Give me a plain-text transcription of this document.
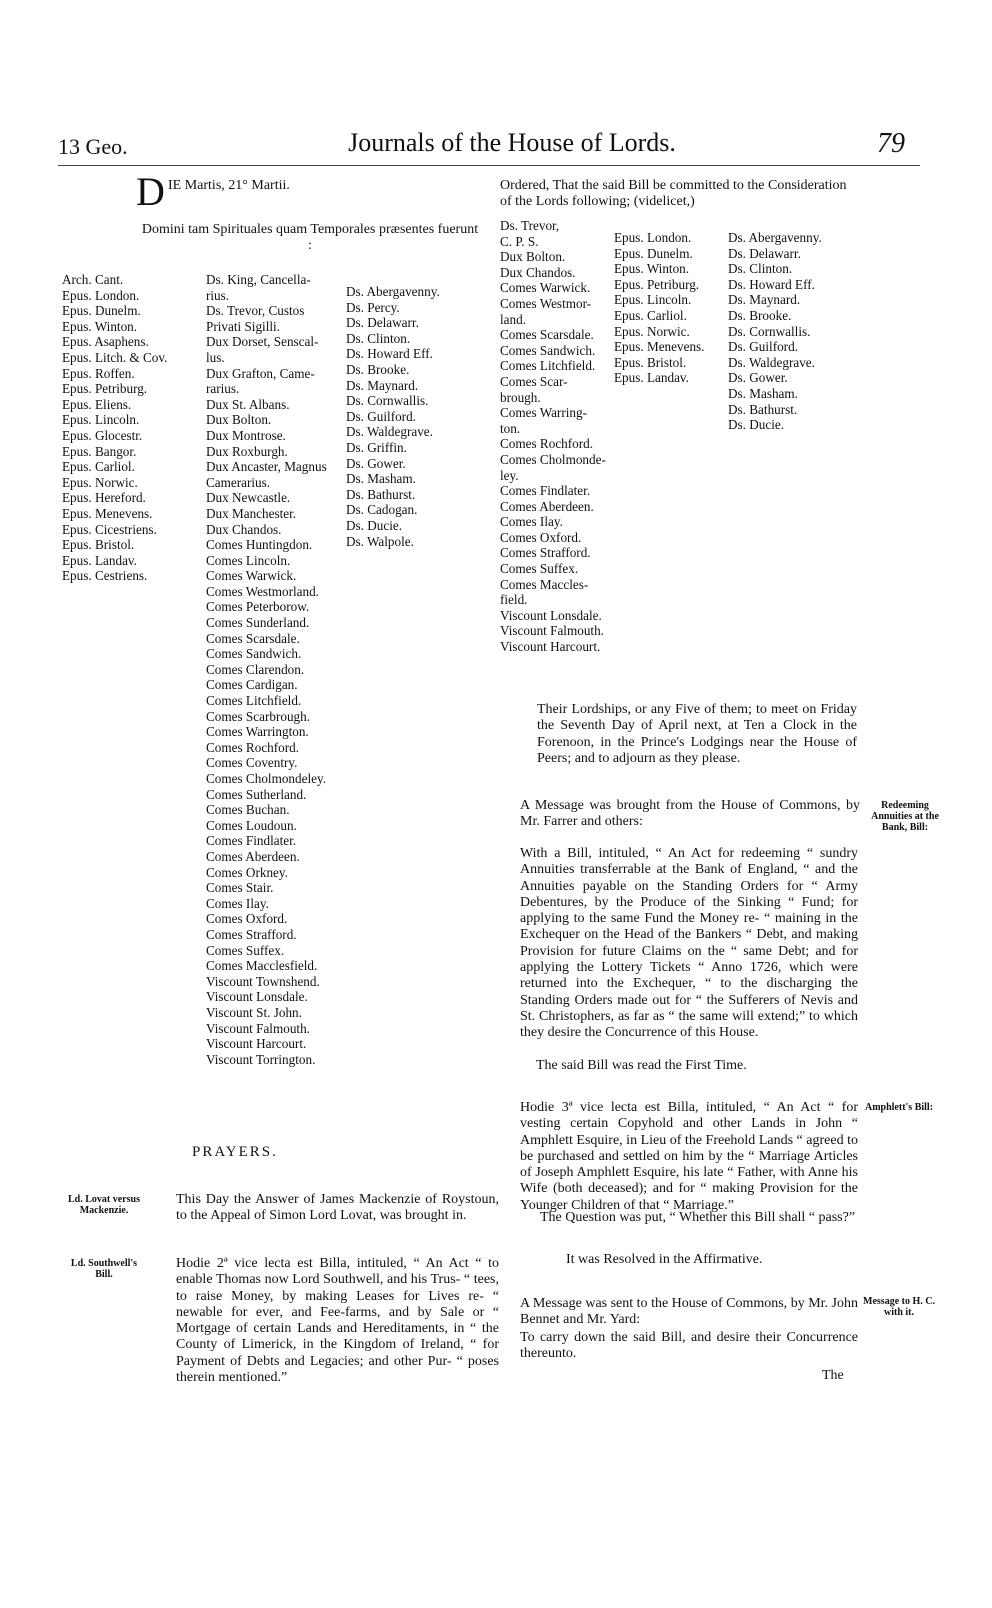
13 Geo.	Journals of the House of Lords.	79
D IE Martis, 21° Martii.
Domini tam Spirituales quam Temporales præsentes fuerunt :
Arch. Cant.
Epus. London.
Epus. Dunelm.
Epus. Winton.
Epus. Asaphens.
Epus. Litch. & Cov.
Epus. Roffen.
Epus. Petriburg.
Epus. Eliens.
Epus. Lincoln.
Epus. Glocestr.
Epus. Bangor.
Epus. Carliol.
Epus. Norwic.
Epus. Hereford.
Epus. Menevens.
Epus. Cicestriens.
Epus. Bristol.
Epus. Landav.
Epus. Cestriens.
Ds. King, Cancella-
rius.
Ds. Trevor, Custos
Privati Sigilli.
Dux Dorset, Senscal-
lus.
Dux Grafton, Came-
rarius.
Dux St. Albans.
Dux Bolton.
Dux Montrose.
Dux Roxburgh.
Dux Ancaster, Magnus
Camerarius.
Dux Newcastle.
Dux Manchester.
Dux Chandos.
Comes Huntingdon.
Comes Lincoln.
Comes Warwick.
Comes Westmorland.
Comes Peterborow.
Comes Sunderland.
Comes Scarsdale.
Comes Sandwich.
Comes Clarendon.
Comes Cardigan.
Comes Litchfield.
Comes Scarbrough.
Comes Warrington.
Comes Rochford.
Comes Coventry.
Comes Cholmondeley.
Comes Sutherland.
Comes Buchan.
Comes Loudoun.
Comes Findlater.
Comes Aberdeen.
Comes Orkney.
Comes Stair.
Comes Ilay.
Comes Oxford.
Comes Strafford.
Comes Suffex.
Comes Macclesfield.
Viscount Townshend.
Viscount Lonsdale.
Viscount St. John.
Viscount Falmouth.
Viscount Harcourt.
Viscount Torrington.
Ds. Abergavenny.
Ds. Percy.
Ds. Delawarr.
Ds. Clinton.
Ds. Howard Eff.
Ds. Brooke.
Ds. Maynard.
Ds. Cornwallis.
Ds. Guilford.
Ds. Waldegrave.
Ds. Griffin.
Ds. Gower.
Ds. Masham.
Ds. Bathurst.
Ds. Cadogan.
Ds. Ducie.
Ds. Walpole.
PRAYERS.
Ld. Lovat versus Mackenzie.
This Day the Answer of James Mackenzie of Roystoun, to the Appeal of Simon Lord Lovat, was brought in.
Ld. Southwell's Bill.
Hodie 2ª vice lecta est Billa, intituled, “ An Act “ to enable Thomas now Lord Southwell, and his Trus- “ tees, to raise Money, by making Leases for Lives re- “ newable for ever, and Fee-farms, and by Sale or “ Mortgage of certain Lands and Hereditaments, in “ the County of Limerick, in the Kingdom of Ireland, “ for Payment of Debts and Legacies; and other Pur- “ poses therein mentioned.”
Ordered, That the said Bill be committed to the Consideration of the Lords following; (videlicet,)
Ds. Trevor,
C. P. S.
Dux Bolton.
Dux Chandos.
Comes Warwick.
Comes Westmor-
land.
Comes Scarsdale.
Comes Sandwich.
Comes Litchfield.
Comes Scar-
brough.
Comes Warring-
ton.
Comes Rochford.
Comes Cholmonde-
ley.
Comes Findlater.
Comes Aberdeen.
Comes Ilay.
Comes Oxford.
Comes Strafford.
Comes Suffex.
Comes Maccles-
field.
Viscount Lonsdale.
Viscount Falmouth.
Viscount Harcourt.
Epus. London.
Epus. Dunelm.
Epus. Winton.
Epus. Petriburg.
Epus. Lincoln.
Epus. Carliol.
Epus. Norwic.
Epus. Menevens.
Epus. Bristol.
Epus. Landav.
Ds. Abergavenny.
Ds. Delawarr.
Ds. Clinton.
Ds. Howard Eff.
Ds. Maynard.
Ds. Brooke.
Ds. Cornwallis.
Ds. Guilford.
Ds. Waldegrave.
Ds. Gower.
Ds. Masham.
Ds. Bathurst.
Ds. Ducie.
Their Lordships, or any Five of them; to meet on Friday the Seventh Day of April next, at Ten a Clock in the Forenoon, in the Prince's Lodgings near the House of Peers; and to adjourn as they please.
A Message was brought from the House of Commons, by Mr. Farrer and others:
Redeeming Annuities at the Bank, Bill:
With a Bill, intituled, “ An Act for redeeming “ sundry Annuities transferrable at the Bank of England, “ and the Annuities payable on the Standing Orders for “ Army Debentures, by the Produce of the Sinking “ Fund; for applying to the same Fund the Money re- “ maining in the Exchequer on the Head of the Bankers “ Debt, and making Provision for future Claims on the “ same Debt; and for applying the Lottery Tickets “ Anno 1726, which were returned into the Exchequer, “ to the discharging the Standing Orders made out for “ the Sufferers of Nevis and St. Christophers, as far as “ the same will extend;” to which they desire the Concurrence of this House.
The said Bill was read the First Time.
Hodie 3ª vice lecta est Billa, intituled, “ An Act “ for vesting certain Copyhold and other Lands in John “ Amphlett Esquire, in Lieu of the Freehold Lands “ agreed to be purchased and settled on him by the “ Marriage Articles of Joseph Amphlett Esquire, his late “ Father, with Anne his Wife (both deceased); and for “ making Provision for the Younger Children of that “ Marriage.”
Amphlett's Bill:
The Question was put, “ Whether this Bill shall “ pass?”
It was Resolved in the Affirmative.
A Message was sent to the House of Commons, by Mr. John Bennet and Mr. Yard:
Message to H. C. with it.
To carry down the said Bill, and desire their Concurrence thereunto.
The
